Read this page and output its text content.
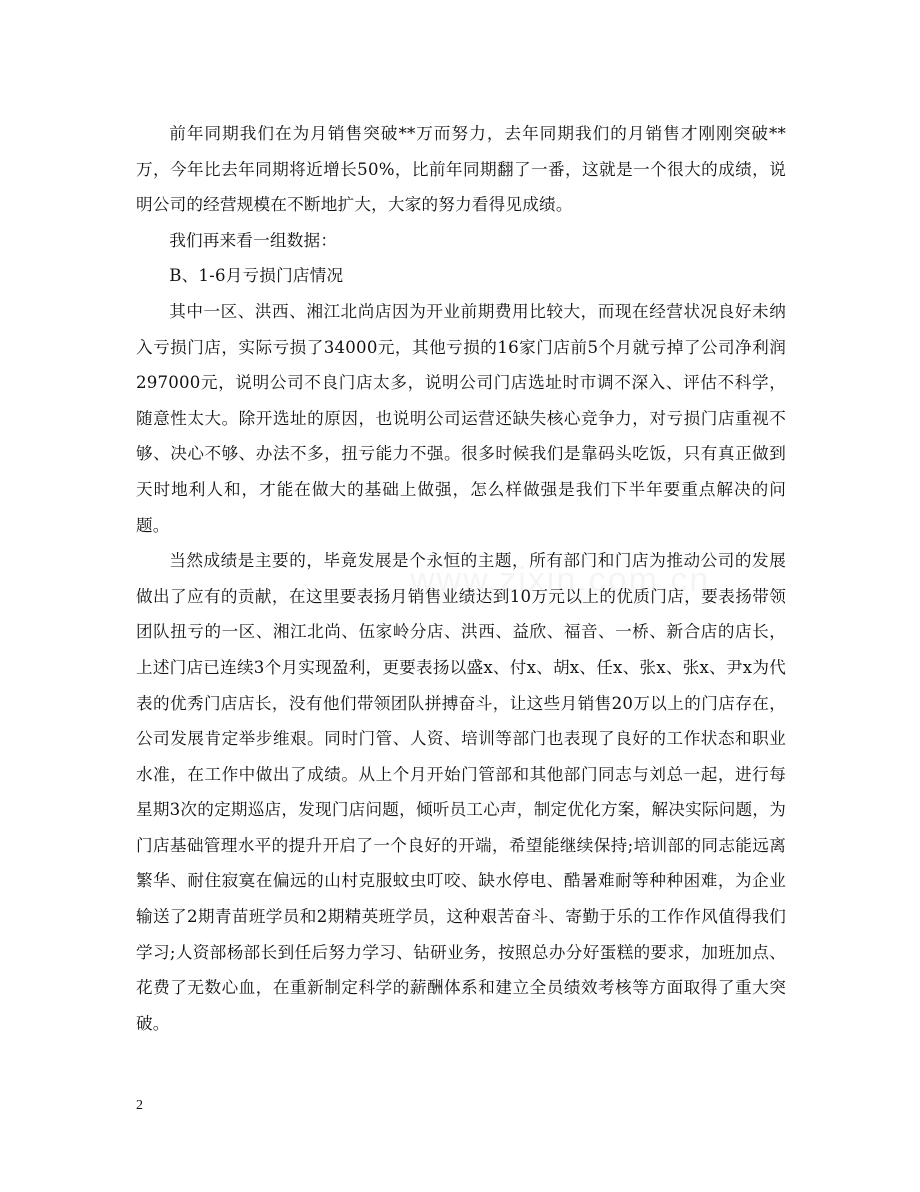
前年同期我们在为月销售突破**万而努力，去年同期我们的月销售才刚刚突破**万，今年比去年同期将近增长50%，比前年同期翻了一番，这就是一个很大的成绩，说明公司的经营规模在不断地扩大，大家的努力看得见成绩。

我们再来看一组数据：

B、1-6月亏损门店情况

其中一区、洪西、湘江北尚店因为开业前期费用比较大，而现在经营状况良好未纳入亏损门店，实际亏损了34000元，其他亏损的16家门店前5个月就亏掉了公司净利润297000元，说明公司不良门店太多，说明公司门店选址时市调不深入、评估不科学，随意性太大。除开选址的原因，也说明公司运营还缺失核心竞争力，对亏损门店重视不够、决心不够、办法不多，扭亏能力不强。很多时候我们是靠码头吃饭，只有真正做到天时地利人和，才能在做大的基础上做强，怎么样做强是我们下半年要重点解决的问题。

当然成绩是主要的，毕竟发展是个永恒的主题，所有部门和门店为推动公司的发展做出了应有的贡献，在这里要表扬月销售业绩达到10万元以上的优质门店，要表扬带领团队扭亏的一区、湘江北尚、伍家岭分店、洪西、益欣、福音、一桥、新合店的店长，上述门店已连续3个月实现盈利，更要表扬以盛x、付x、胡x、任x、张x、张x、尹x为代表的优秀门店店长，没有他们带领团队拼搏奋斗，让这些月销售20万以上的门店存在，公司发展肯定举步维艰。同时门管、人资、培训等部门也表现了良好的工作状态和职业水准，在工作中做出了成绩。从上个月开始门管部和其他部门同志与刘总一起，进行每星期3次的定期巡店，发现门店问题，倾听员工心声，制定优化方案，解决实际问题，为门店基础管理水平的提升开启了一个良好的开端，希望能继续保持;培训部的同志能远离繁华、耐住寂寞在偏远的山村克服蚊虫叮咬、缺水停电、酷暑难耐等种种困难，为企业输送了2期青苗班学员和2期精英班学员，这种艰苦奋斗、寄勤于乐的工作作风值得我们学习;人资部杨部长到任后努力学习、钻研业务，按照总办分好蛋糕的要求，加班加点、花费了无数心血，在重新制定科学的薪酬体系和建立全员绩效考核等方面取得了重大突破。

2
